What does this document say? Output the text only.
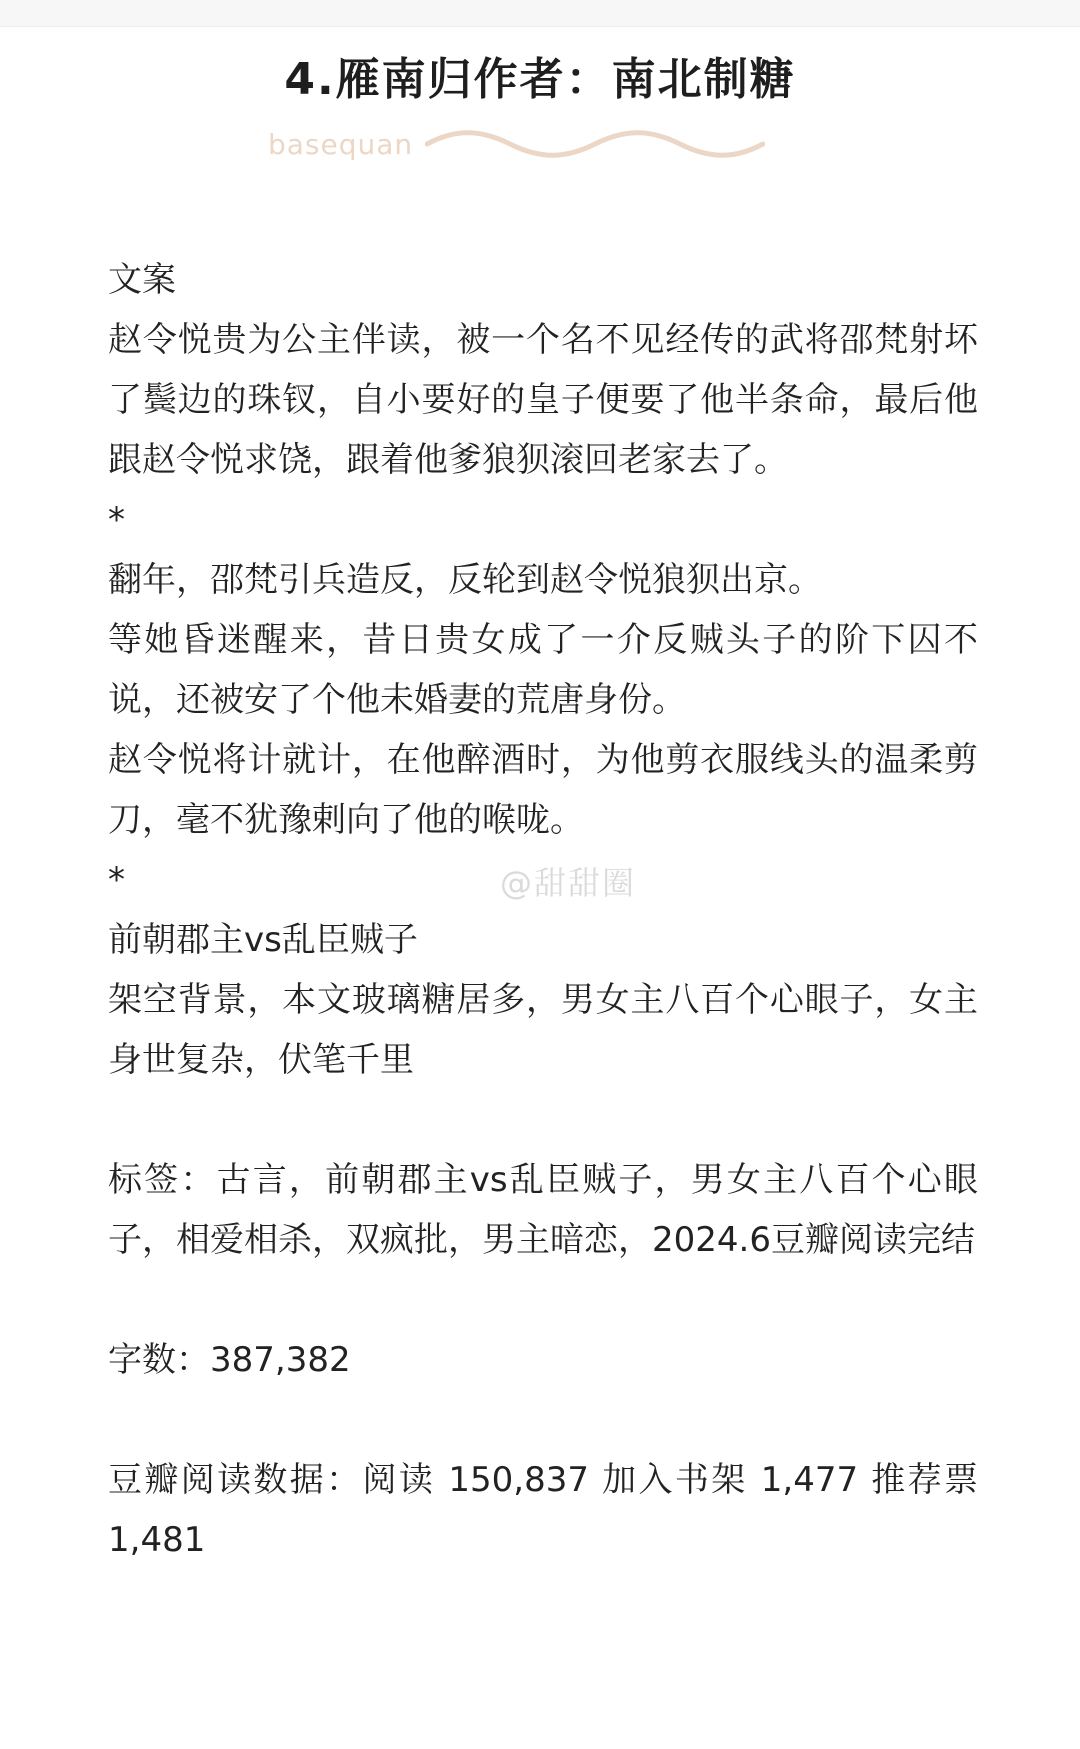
4.雁南归作者：南北制糖
basequan

文案

赵令悦贵为公主伴读，被一个名不见经传的武将邵梵射坏了鬓边的珠钗，自小要好的皇子便要了他半条命，最后他跟赵令悦求饶，跟着他爹狼狈滚回老家去了。

*

翻年，邵梵引兵造反，反轮到赵令悦狼狈出京。

等她昏迷醒来，昔日贵女成了一介反贼头子的阶下囚不说，还被安了个他未婚妻的荒唐身份。

赵令悦将计就计，在他醉酒时，为他剪衣服线头的温柔剪刀，毫不犹豫剌向了他的喉咙。

*

前朝郡主vs乱臣贼子

架空背景，本文玻璃糖居多，男女主八百个心眼子，女主身世复杂，伏笔千里

标签：古言，前朝郡主vs乱臣贼子，男女主八百个心眼子，相爱相杀，双疯批，男主暗恋，2024.6豆瓣阅读完结

字数：387,382

豆瓣阅读数据：阅读 150,837 加入书架 1,477 推荐票 1,481

@甜甜圈
